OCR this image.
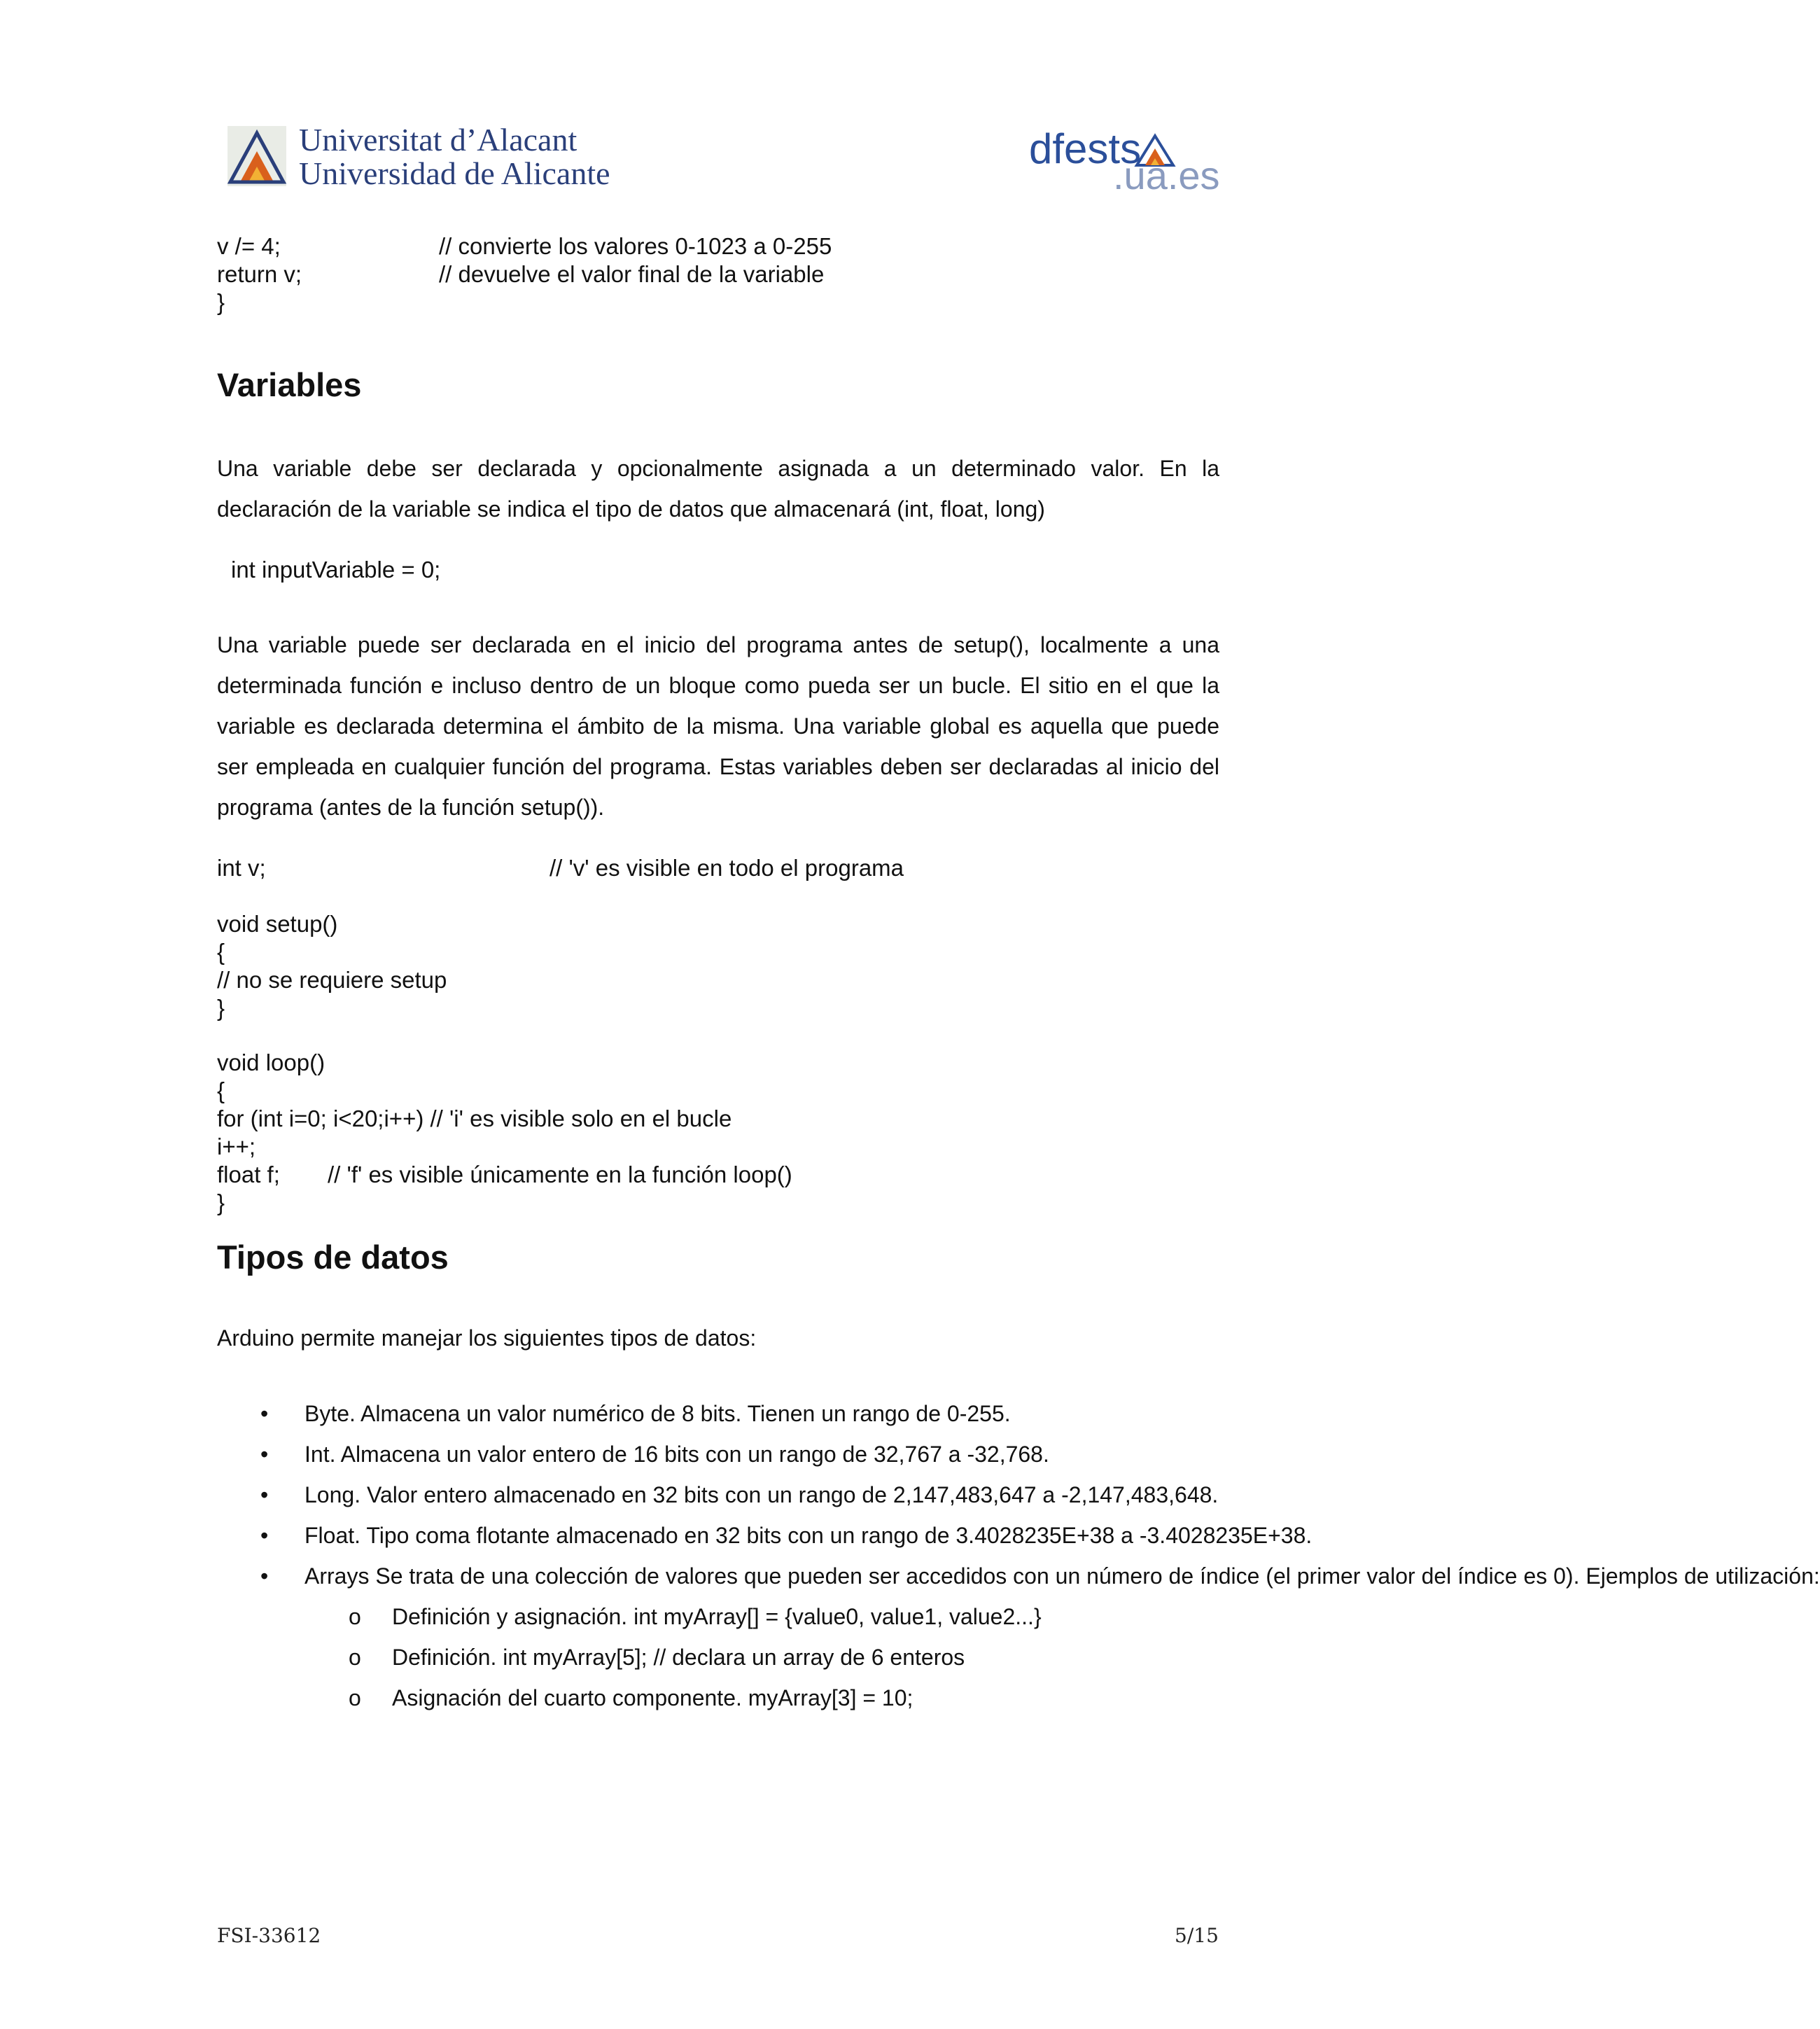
Universitat d’Alacant
Universidad de Alicante
dfests
.ua.es
v /= 4;	// convierte los valores 0-1023 a 0-255
return v;	// devuelve el valor final de la variable
}
Variables
Una variable debe ser declarada y opcionalmente asignada a un determinado valor. En la declaración de la variable se indica el tipo de datos que almacenará (int, float, long)
int inputVariable = 0;
Una variable puede ser declarada en el inicio del programa antes de setup(), localmente a una determinada función e incluso dentro de un bloque como pueda ser un bucle. El sitio en el que la variable es declarada determina el ámbito de la misma. Una variable global es aquella que puede ser empleada en cualquier función del programa. Estas variables deben ser declaradas al inicio del programa (antes de la función setup()).
int v;	// 'v' es visible en todo el programa
void setup()
{
// no se requiere setup
}
void loop()
{
for (int i=0; i<20;i++) // 'i' es visible solo en el bucle
i++;
float f; // 'f' es visible únicamente en la función loop()
}
Tipos de datos
Arduino permite manejar los siguientes tipos de datos:
• Byte. Almacena un valor numérico de 8 bits. Tienen un rango de 0-255.
• Int. Almacena un valor entero de 16 bits con un rango de 32,767 a -32,768.
• Long. Valor entero almacenado en 32 bits con un rango de 2,147,483,647 a -2,147,483,648.
• Float. Tipo coma flotante almacenado en 32 bits con un rango de 3.4028235E+38 a -3.4028235E+38.
• Arrays Se trata de una colección de valores que pueden ser accedidos con un número de índice (el primer valor del índice es 0). Ejemplos de utilización:
o Definición y asignación. int myArray[] = {value0, value1, value2...}
o Definición. int myArray[5]; // declara un array de 6 enteros
o Asignación del cuarto componente. myArray[3] = 10;
FSI-33612	5/15
